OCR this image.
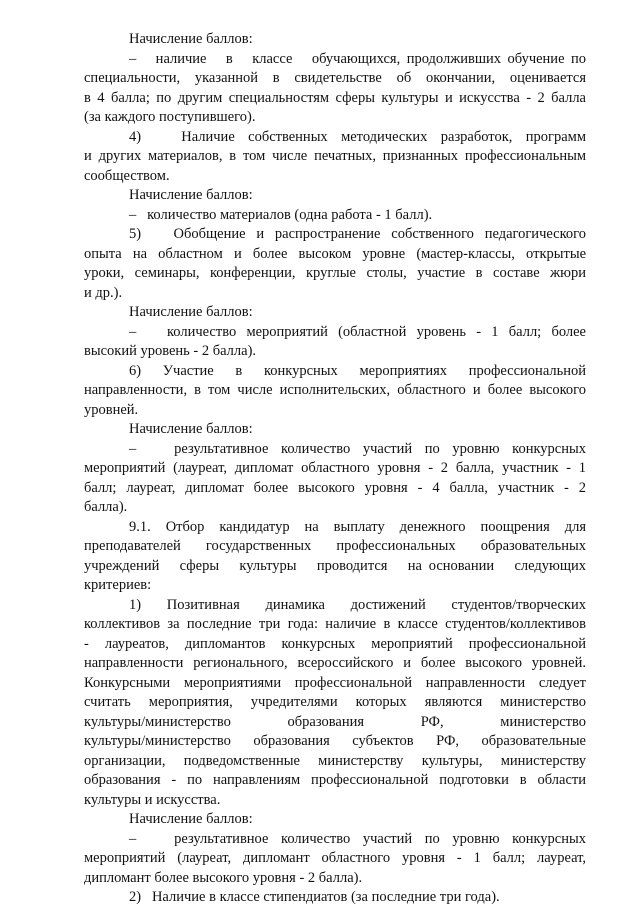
Начисление баллов:
–   наличие   в   классе   обучающихся, продолживших обучение по
специальности, указанной в свидетельстве об окончании, оценивается
в 4 балла; по другим специальностям сферы культуры и искусства - 2 балла
(за каждого поступившего).
4)   Наличие собственных методических разработок, программ
и других материалов, в том числе печатных, признанных профессиональным
сообществом.
Начисление баллов:
–   количество материалов (одна работа - 1 балл).
5)   Обобщение и распространение собственного педагогического
опыта на областном и более высоком уровне (мастер-классы, открытые
уроки, семинары, конференции, круглые столы, участие в составе жюри
и др.).
Начисление баллов:
–   количество мероприятий (областной уровень - 1 балл; более
высокий уровень - 2 балла).
6)   Участие   в   конкурсных   мероприятиях   профессиональной
направленности, в том числе исполнительских, областного и более высокого
уровней.
Начисление баллов:
–   результативное количество участий по уровню конкурсных
мероприятий (лауреат, дипломат областного уровня - 2 балла, участник - 1
балл; лауреат, дипломат более высокого уровня - 4 балла, участник - 2
балла).
9.1. Отбор кандидатур на выплату денежного поощрения для
преподавателей   государственных   профессиональных   образовательных
учреждений   сферы   культуры   проводится   на основании   следующих
критериев:
1)   Позитивная   динамика   достижений   студентов/творческих
коллективов за последние три года: наличие в классе студентов/коллективов
- лауреатов, дипломантов конкурсных мероприятий профессиональной
направленности регионального, всероссийского и более высокого уровней.
Конкурсными мероприятиями профессиональной направленности следует
считать мероприятия, учредителями которых являются министерство
культуры/министерство       образования       РФ,       министерство
культуры/министерство образования субъектов РФ, образовательные
организации, подведомственные министерству культуры, министерству
образования - по направлениям профессиональной подготовки в области
культуры и искусства.
Начисление баллов:
–   результативное количество участий по уровню конкурсных
мероприятий (лауреат, дипломант областного уровня - 1 балл; лауреат,
дипломант более высокого уровня - 2 балла).
2)   Наличие в классе стипендиатов (за последние три года).
